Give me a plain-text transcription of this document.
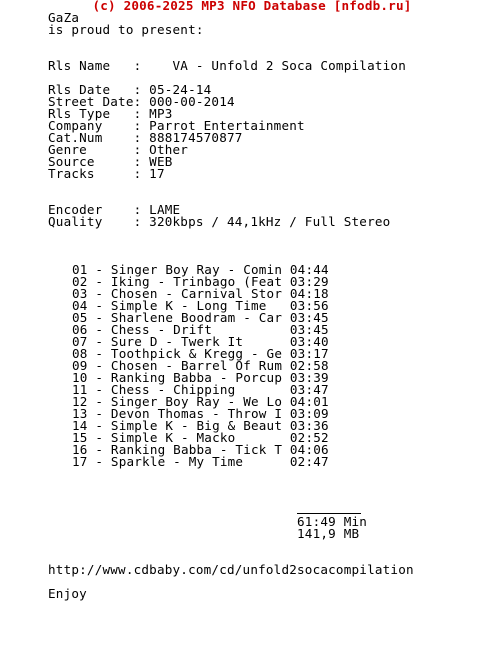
(c) 2006-2025 MP3 NFO Database [nfodb.ru]

GaZa

is proud to present:

Rls Name   :    VA - Unfold 2 Soca Compilation

Rls Date   : 05-24-14

Street Date: 000-00-2014

Rls Type   : MP3

Company    : Parrot Entertainment

Cat.Num    : 888174570877

Genre      : Other

Source     : WEB

Tracks     : 17

Encoder    : LAME

Quality    : 320kbps / 44,1kHz / Full Stereo

01 - Singer Boy Ray - Comin 04:44

02 - Iking - Trinbago (Feat 03:29

03 - Chosen - Carnival Stor 04:18

04 - Simple K - Long Time   03:56

05 - Sharlene Boodram - Car 03:45

06 - Chess - Drift          03:45

07 - Sure D - Twerk It      03:40

08 - Toothpick & Kregg - Ge 03:17

09 - Chosen - Barrel Of Rum 02:58

10 - Ranking Babba - Porcup 03:39

11 - Chess - Chipping       03:47

12 - Singer Boy Ray - We Lo 04:01

13 - Devon Thomas - Throw I 03:09

14 - Simple K - Big & Beaut 03:36

15 - Simple K - Macko       02:52

16 - Ranking Babba - Tick T 04:06

17 - Sparkle - My Time      02:47

61:49 Min

141,9 MB

http://www.cdbaby.com/cd/unfold2socacompilation

Enjoy
